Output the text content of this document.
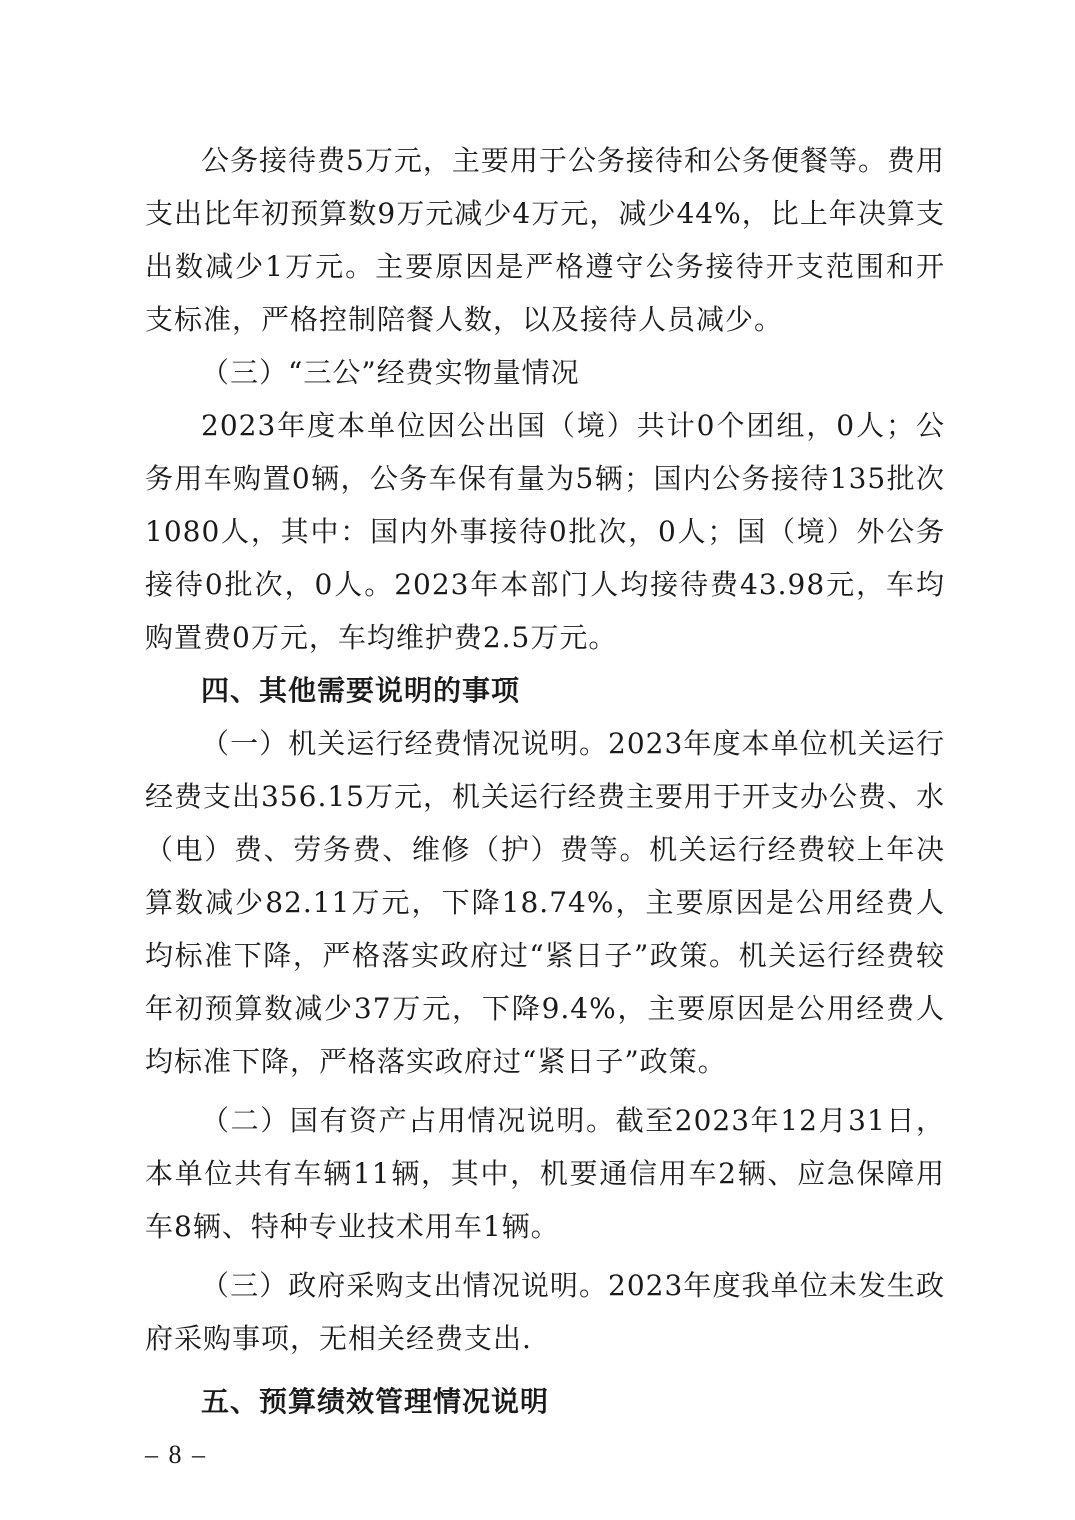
公务接待费5万元，主要用于公务接待和公务便餐等。费用支出比年初预算数9万元减少4万元，减少44%，比上年决算支出数减少1万元。主要原因是严格遵守公务接待开支范围和开支标准，严格控制陪餐人数，以及接待人员减少。

（三）“三公”经费实物量情况

2023年度本单位因公出国（境）共计0个团组，0人；公务用车购置0辆，公务车保有量为5辆；国内公务接待135批次1080人，其中：国内外事接待0批次，0人；国（境）外公务接待0批次，0人。2023年本部门人均接待费43.98元，车均购置费0万元，车均维护费2.5万元。

四、其他需要说明的事项

（一）机关运行经费情况说明。2023年度本单位机关运行经费支出356.15万元，机关运行经费主要用于开支办公费、水（电）费、劳务费、维修（护）费等。机关运行经费较上年决算数减少82.11万元，下降18.74%，主要原因是公用经费人均标准下降，严格落实政府过“紧日子”政策。机关运行经费较年初预算数减少37万元，下降9.4%，主要原因是公用经费人均标准下降，严格落实政府过“紧日子”政策。

（二）国有资产占用情况说明。截至2023年12月31日，本单位共有车辆11辆，其中，机要通信用车2辆、应急保障用车8辆、特种专业技术用车1辆。

（三）政府采购支出情况说明。2023年度我单位未发生政府采购事项，无相关经费支出.

五、预算绩效管理情况说明

– 8 –
